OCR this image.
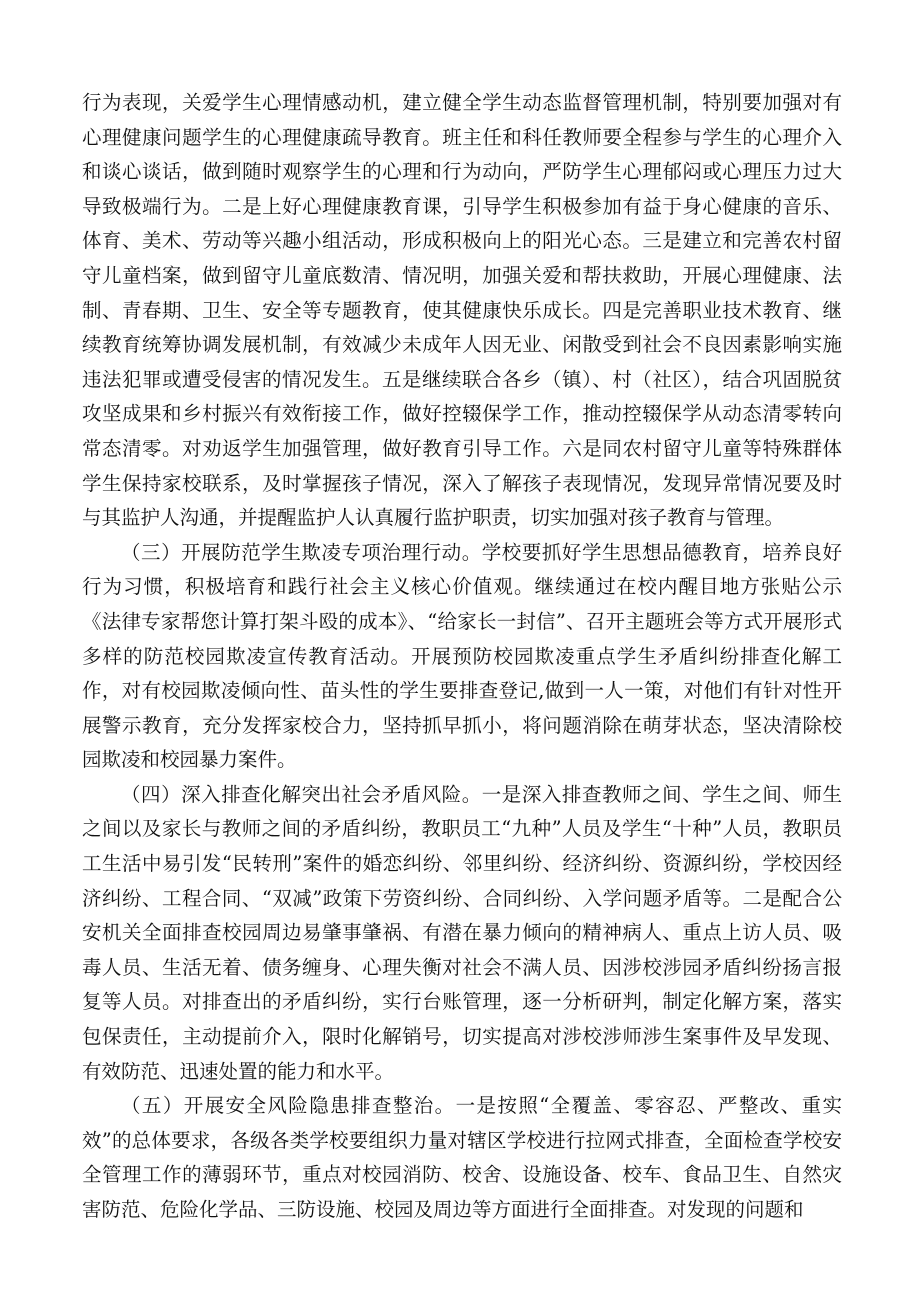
行为表现，关爱学生心理情感动机，建立健全学生动态监督管理机制，特别要加强对有心理健康问题学生的心理健康疏导教育。班主任和科任教师要全程参与学生的心理介入和谈心谈话，做到随时观察学生的心理和行为动向，严防学生心理郁闷或心理压力过大导致极端行为。二是上好心理健康教育课，引导学生积极参加有益于身心健康的音乐、体育、美术、劳动等兴趣小组活动，形成积极向上的阳光心态。三是建立和完善农村留守儿童档案，做到留守儿童底数清、情况明，加强关爱和帮扶救助，开展心理健康、法制、青春期、卫生、安全等专题教育，使其健康快乐成长。四是完善职业技术教育、继续教育统筹协调发展机制，有效减少未成年人因无业、闲散受到社会不良因素影响实施违法犯罪或遭受侵害的情况发生。五是继续联合各乡（镇）、村（社区），结合巩固脱贫攻坚成果和乡村振兴有效衔接工作，做好控辍保学工作，推动控辍保学从动态清零转向常态清零。对劝返学生加强管理，做好教育引导工作。六是同农村留守儿童等特殊群体学生保持家校联系，及时掌握孩子情况，深入了解孩子表现情况，发现异常情况要及时与其监护人沟通，并提醒监护人认真履行监护职责，切实加强对孩子教育与管理。

（三）开展防范学生欺凌专项治理行动。学校要抓好学生思想品德教育，培养良好行为习惯，积极培育和践行社会主义核心价值观。继续通过在校内醒目地方张贴公示《法律专家帮您计算打架斗殴的成本》、“给家长一封信”、召开主题班会等方式开展形式多样的防范校园欺凌宣传教育活动。开展预防校园欺凌重点学生矛盾纠纷排查化解工作，对有校园欺凌倾向性、苗头性的学生要排查登记,做到一人一策，对他们有针对性开展警示教育，充分发挥家校合力，坚持抓早抓小，将问题消除在萌芽状态，坚决清除校园欺凌和校园暴力案件。

（四）深入排查化解突出社会矛盾风险。一是深入排查教师之间、学生之间、师生之间以及家长与教师之间的矛盾纠纷，教职员工“九种”人员及学生“十种”人员，教职员工生活中易引发“民转刑”案件的婚恋纠纷、邻里纠纷、经济纠纷、资源纠纷，学校因经济纠纷、工程合同、“双减”政策下劳资纠纷、合同纠纷、入学问题矛盾等。二是配合公安机关全面排查校园周边易肇事肇祸、有潜在暴力倾向的精神病人、重点上访人员、吸毒人员、生活无着、债务缠身、心理失衡对社会不满人员、因涉校涉园矛盾纠纷扬言报复等人员。对排查出的矛盾纠纷，实行台账管理，逐一分析研判，制定化解方案，落实包保责任，主动提前介入，限时化解销号，切实提高对涉校涉师涉生案事件及早发现、有效防范、迅速处置的能力和水平。

（五）开展安全风险隐患排查整治。一是按照“全覆盖、零容忍、严整改、重实效”的总体要求，各级各类学校要组织力量对辖区学校进行拉网式排查，全面检查学校安全管理工作的薄弱环节，重点对校园消防、校舍、设施设备、校车、食品卫生、自然灾害防范、危险化学品、三防设施、校园及周边等方面进行全面排查。对发现的问题和
